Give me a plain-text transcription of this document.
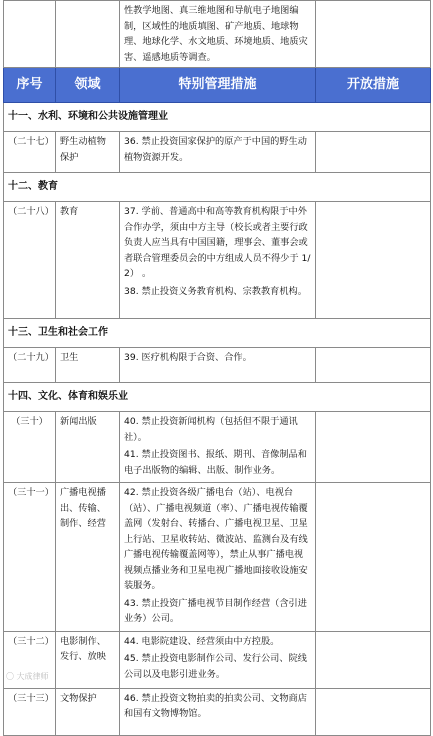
		性教学地图、真三维地图和导航电子地图编制，区域性的地质填图、矿产地质、地球物理、地球化学、水文地质、环境地质、地质灾害、遥感地质等调查。	
序号	领域	特别管理措施	开放措施
十一、水利、环境和公共设施管理业			
（二十七）	野生动植物保护	36. 禁止投资国家保护的原产于中国的野生动植物资源开发。	

十二、教育			
（二十八）	教育	37. 学前、普通高中和高等教育机构限于中外合作办学，须由中方主导（校长或者主要行政负责人应当具有中国国籍，理事会、董事会或者联合管理委员会的中方组成人员不得少于 1/2） 。

38. 禁止投资义务教育机构、宗教教育机构。	

十三、卫生和社会工作			
（二十九）	卫生	39. 医疗机构限于合资、合作。	

十四、文化、体育和娱乐业			
（三十）	新闻出版	40. 禁止投资新闻机构（包括但不限于通讯社）。

41. 禁止投资图书、报纸、期刊、音像制品和电子出版物的编辑、出版、制作业务。	

（三十一）	广播电视播出、传输、制作、经营	42. 禁止投资各级广播电台（站）、电视台（站）、广播电视频道（率）、广播电视传输覆盖网（发射台、转播台、广播电视卫星、卫星上行站、卫星收转站、微波站、监测台及有线广播电视传输覆盖网等），禁止从事广播电视视频点播业务和卫星电视广播地面接收设施安装服务。

43. 禁止投资广播电视节目制作经营（含引进业务）公司。	

（三十二）	电影制作、发行、放映	44. 电影院建设、经营须由中方控股。

45. 禁止投资电影制作公司、发行公司、院线公司以及电影引进业务。	

（三十三）	文物保护	46. 禁止投资文物拍卖的拍卖公司、文物商店和国有文物博物馆。	

〇 大成律师
